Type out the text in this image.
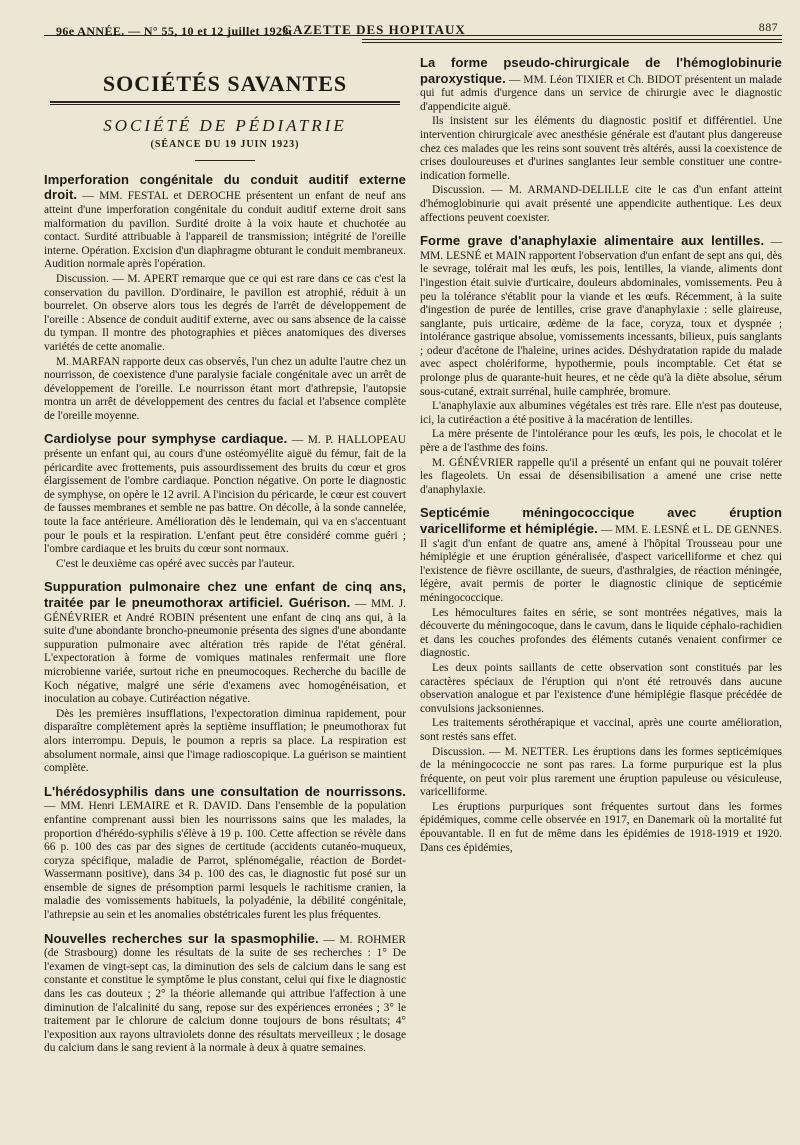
96e ANNÉE. — N° 55, 10 et 12 juillet 1923.
GAZETTE DES HOPITAUX	887
SOCIÉTÉS SAVANTES
SOCIÉTÉ DE PÉDIATRIE
(SÉANCE DU 19 JUIN 1923)

Imperforation congénitale du conduit auditif externe droit. — MM. FESTAL et DEROCHE présentent un enfant de neuf ans atteint d'une imperforation congénitale du conduit auditif externe droit sans malformation du pavillon. Surdité droite à la voix haute et chuchotée au contact. Surdité attribuable à l'appareil de transmission; intégrité de l'oreille interne. Opération. Excision d'un diaphragme obturant le conduit membraneux. Audition normale après l'opération.

Discussion. — M. APERT remarque que ce qui est rare dans ce cas c'est la conservation du pavillon. D'ordinaire, le pavillon est atrophié, réduit à un bourrelet. On observe alors tous les degrés de l'arrêt de développement de l'oreille : Absence de conduit auditif externe, avec ou sans absence de la caisse du tympan. Il montre des photographies et pièces anatomiques des diverses variétés de cette anomalie.

M. MARFAN rapporte deux cas observés, l'un chez un adulte l'autre chez un nourrisson, de coexistence d'une paralysie faciale congénitale avec un arrêt de développement de l'oreille. Le nourrisson étant mort d'athrepsie, l'autopsie montra un arrêt de développement des centres du facial et l'absence complète de l'oreille moyenne.

Cardiolyse pour symphyse cardiaque. — M. P. HALLOPEAU présente un enfant qui, au cours d'une ostéomyélite aiguë du fémur, fait de la péricardite avec frottements, puis assourdissement des bruits du cœur et gros élargissement de l'ombre cardiaque. Ponction négative. On porte le diagnostic de symphyse, on opère le 12 avril. A l'incision du péricarde, le cœur est couvert de fausses membranes et semble ne pas battre. On décolle, à la sonde cannelée, toute la face antérieure. Amélioration dès le lendemain, qui va en s'accentuant pour le pouls et la respiration. L'enfant peut être considéré comme guéri ; l'ombre cardiaque et les bruits du cœur sont normaux.

C'est le deuxième cas opéré avec succès par l'auteur.

Suppuration pulmonaire chez une enfant de cinq ans, traitée par le pneumothorax artificiel. Guérison. — MM. J. GÉNÉVRIER et André ROBIN présentent une enfant de cinq ans qui, à la suite d'une abondante broncho-pneumonie présenta des signes d'une abondante suppuration pulmonaire avec altération très rapide de l'état général. L'expectoration à forme de vomiques matinales renfermait une flore microbienne variée, surtout riche en pneumocoques. Recherche du bacille de Koch négative, malgré une série d'examens avec homogénéisation, et inoculation au cobaye. Cutiréaction négative.

Dès les premières insufflations, l'expectoration diminua rapidement, pour disparaître complètement après la septième insufflation; le pneumothorax fut alors interrompu. Depuis, le poumon a repris sa place. La respiration est absolument normale, ainsi que l'image radioscopique. La guérison se maintient complète.

L'hérédosyphilis dans une consultation de nourrissons. — MM. Henri LEMAIRE et R. DAVID. Dans l'ensemble de la population enfantine comprenant aussi bien les nourrissons sains que les malades, la proportion d'hérédo-syphilis s'élève à 19 p. 100. Cette affection se révèle dans 66 p. 100 des cas par des signes de certitude (accidents cutanéo-muqueux, coryza spécifique, maladie de Parrot, splénomégalie, réaction de Bordet-Wassermann positive), dans 34 p. 100 des cas, le diagnostic fut posé sur un ensemble de signes de présomption parmi lesquels le rachitisme cranien, la maladie des vomissements habituels, la polyadénie, la débilité congénitale, l'athrepsie au sein et les anomalies obstétricales furent les plus fréquentes.

Nouvelles recherches sur la spasmophilie. — M. ROHMER (de Strasbourg) donne les résultats de la suite de ses recherches : 1° De l'examen de vingt-sept cas, la diminution des sels de calcium dans le sang est constante et constitue le symptôme le plus constant, celui qui fixe le diagnostic dans les cas douteux ; 2° la théorie allemande qui attribue l'affection à une diminution de l'alcalinité du sang, repose sur des expériences erronées ; 3° le traitement par le chlorure de calcium donne toujours de bons résultats; 4° l'exposition aux rayons ultraviolets donne des résultats merveilleux ; le dosage du calcium dans le sang revient à la normale à deux à quatre semaines.

La forme pseudo-chirurgicale de l'hémoglobinurie paroxystique. — MM. Léon TIXIER et Ch. BIDOT présentent un malade qui fut admis d'urgence dans un service de chirurgie avec le diagnostic d'appendicite aiguë.

Ils insistent sur les éléments du diagnostic positif et différentiel. Une intervention chirurgicale avec anesthésie générale est d'autant plus dangereuse chez ces malades que les reins sont souvent très altérés, aussi la coexistence de crises douloureuses et d'urines sanglantes leur semble constituer une contre-indication formelle.

Discussion. — M. ARMAND-DELILLE cite le cas d'un enfant atteint d'hémoglobinurie qui avait présenté une appendicite authentique. Les deux affections peuvent coexister.

Forme grave d'anaphylaxie alimentaire aux lentilles. — MM. LESNÉ et MAIN rapportent l'observation d'un enfant de sept ans qui, dès le sevrage, tolérait mal les œufs, les pois, lentilles, la viande, aliments dont l'ingestion était suivie d'urticaire, douleurs abdominales, vomissements. Peu à peu la tolérance s'établit pour la viande et les œufs. Récemment, à la suite d'ingestion de purée de lentilles, crise grave d'anaphylaxie : selle glaireuse, sanglante, puis urticaire, œdème de la face, coryza, toux et dyspnée ; intolérance gastrique absolue, vomissements incessants, bilieux, puis sanglants ; odeur d'acétone de l'haleine, urines acides. Déshydratation rapide du malade avec aspect cholériforme, hypothermie, pouls incomptable. Cet état se prolonge plus de quarante-huit heures, et ne cède qu'à la diète absolue, sérum sous-cutané, extrait surrénal, huile camphrée, bromure.

L'anaphylaxie aux albumines végétales est très rare. Elle n'est pas douteuse, ici, la cutiréaction a été positive à la macération de lentilles.

La mère présente de l'intolérance pour les œufs, les pois, le chocolat et le père a de l'asthme des foins.

M. GÉNÉVRIER rappelle qu'il a présenté un enfant qui ne pouvait tolérer les flageolets. Un essai de désensibilisation a amené une crise nette d'anaphylaxie.

Septicémie méningococcique avec éruption varicelliforme et hémiplégie. — MM. E. LESNÉ et L. DE GENNES. Il s'agit d'un enfant de quatre ans, amené à l'hôpital Trousseau pour une hémiplégie et une éruption généralisée, d'aspect varicelliforme et chez qui l'existence de fièvre oscillante, de sueurs, d'asthralgies, de réaction méningée, légère, avait permis de porter le diagnostic clinique de septicémie méningococcique.

Les hémocultures faites en série, se sont montrées négatives, mais la découverte du méningocoque, dans le cavum, dans le liquide céphalo-rachidien et dans les couches profondes des éléments cutanés venaient confirmer ce diagnostic.

Les deux points saillants de cette observation sont constitués par les caractères spéciaux de l'éruption qui n'ont été retrouvés dans aucune observation analogue et par l'existence d'une hémiplégie flasque précédée de convulsions jacksoniennes.

Les traitements sérothérapique et vaccinal, après une courte amélioration, sont restés sans effet.

Discussion. — M. NETTER. Les éruptions dans les formes septicémiques de la méningococcie ne sont pas rares. La forme purpurique est la plus fréquente, on peut voir plus rarement une éruption papuleuse ou vésiculeuse, varicelliforme.

Les éruptions purpuriques sont fréquentes surtout dans les formes épidémiques, comme celle observée en 1917, en Danemark où la mortalité fut épouvantable. Il en fut de même dans les épidémies de 1918-1919 et 1920. Dans ces épidémies,
